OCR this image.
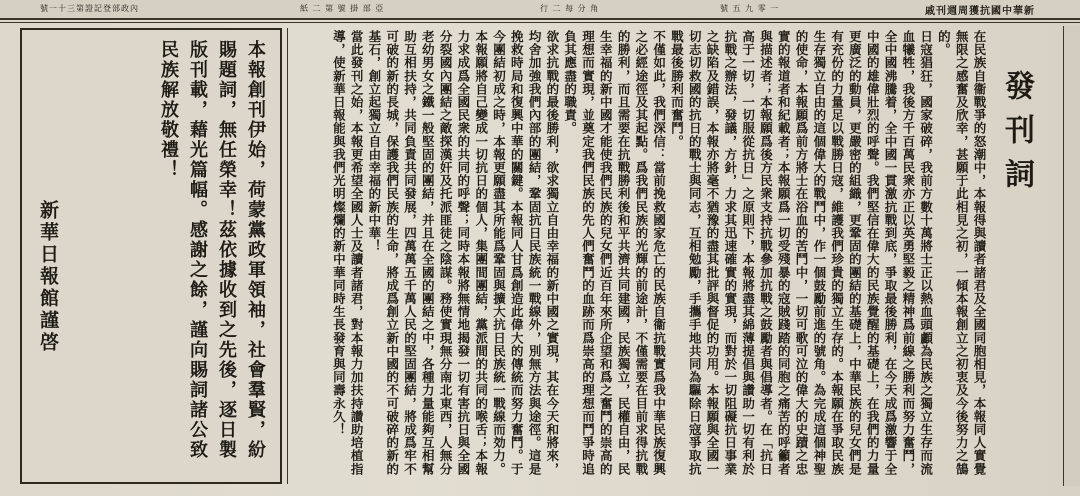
號一十三第證記登部政內	紙 二 第 號 掛 部 亞	行 二 每 分 角	號 五 九 零 一	戚刊週周獲抗國中華新
本報創刊伊始，荷蒙黨政軍領袖，社會羣賢，紛賜題詞，無任榮幸！茲依據收到之先後，逐日製版刊載，藉光篇幅。感謝之餘，謹向賜詞諸公致民族解放敬禮！
新華日報館謹啓
發刊詞

在民族自衞戰爭的怒潮中，本報得與讀者諸君及全國同胞相見，本報同人實覺無限之感奮及欣幸，甚願于此相見之初，一傾本報創立之初衷及今後努力之鵠的。

日寇猖狂，國家破碎，我前方數十萬將士正以熱血頭顱為民族之獨立生存而流血犧牲，我後方千百萬民衆亦正以英勇堅毅之精神爲前線之勝利而努力奮鬥，全中國沸騰着，全中國一貫激抗戰到底，爭取最後勝利，在今天成爲激響于全中國的雄偉壯烈的呼聲。我們堅信在偉大的民族覺醒的基礎上，在我們的力量更廣泛的動員，更嚴密的組織，更鞏固的團結的基礎上，中華民族的兒女們是有充份的力量足以戰勝日寇，維護我們珍貴的獨立生存的。本報願在爭取民族生存獨立自由的這個偉大的戰鬥中，作一個鼓勵前進的號角。為完成這個神聖的使命，本報願爲前方將士在浴血的苦鬥中，一切可歌可泣的偉大的史蹟之忠實的報道者和紀載者；本報願爲一切受殘暴的寇賊踐踏的同胞之痛苦的呼籲者與描述者；本報願爲後方民衆支持抗戰參加抗戰之鼓勵者與倡導者。在「抗日高于一切，一切服從抗日」之原則下，本報將盡其綿薄提倡與讚助一切有利於抗戰之辦法，發議，方針，力求其迅速確實的實現，而對於一切阻礙抗日事業之缺陷及錯誤，本報亦將毫不猶豫的盡其批評與督促的功用。本報願與全國一切志切救國的抗日的戰士與同志，互相勉勵，手攜手地共同為驅除日寇爭取抗戰最後勝利而奮鬥。

不僅如此，我們深信：當前挽救國家危亡的民族自衞抗戰實爲我中華民族復興之必經途徑及其起點。爲我們民族的光輝的前途計，不僅需要在目前求得抗戰的勝利，而且需要在抗戰勝利後和平共濟共同建國，民族獨立，民權自由，民生幸福的新中國才能使我們民族的兒女們近百年來所企望和爲之奮鬥的崇高的理想而實現，並奠定我們民族的先人們奮鬥的血跡而爲崇高的理想而鬥爭時追負其應盡的職責。

欲求抗戰的最後勝利，欲求獨立自由幸福的新中國之實現，其在今天和將來，均舍加強我們內部的團結，鞏固抗日民族統一戰線外，別無方法與途徑。這是挽救時局和復興中華的關鍵。本報同人甘爲創造此偉大的傳統而努力奮鬥。于今團結初成之時，本報更願盡其所能爲鞏固與擴大抗日民族統一戰線而効力。本報願將自己變成一切抗日的個人，集團間團結，黨派間的共同的喉舌；本報力求成爲全國民衆的共同的呼聲；同時本報將無情地揭發一切有害抗日與全國分裂國內團結之敵探漢奸及托派匪徒之陰謀。務使實現無分南北東西，人無分老幼男女之鐵一般堅固的團結，并且在全國的團結之中，各種力量能夠互相幫助互相扶持，共同負責共同發展，四萬萬五千萬人民的堅固團結，將成爲牢不可破的新的長城，保護我們民族的生命，將成爲創立新中國的不可破碎的新的基石，創立起獨立自由幸福的新中華！

當此發刊之始，本報更希望全國人士及讀者諸君，對本報力加扶持讚助培植指導，使新華日報能與我們光明燦爛的新中華同時生長發育與同壽永久！
